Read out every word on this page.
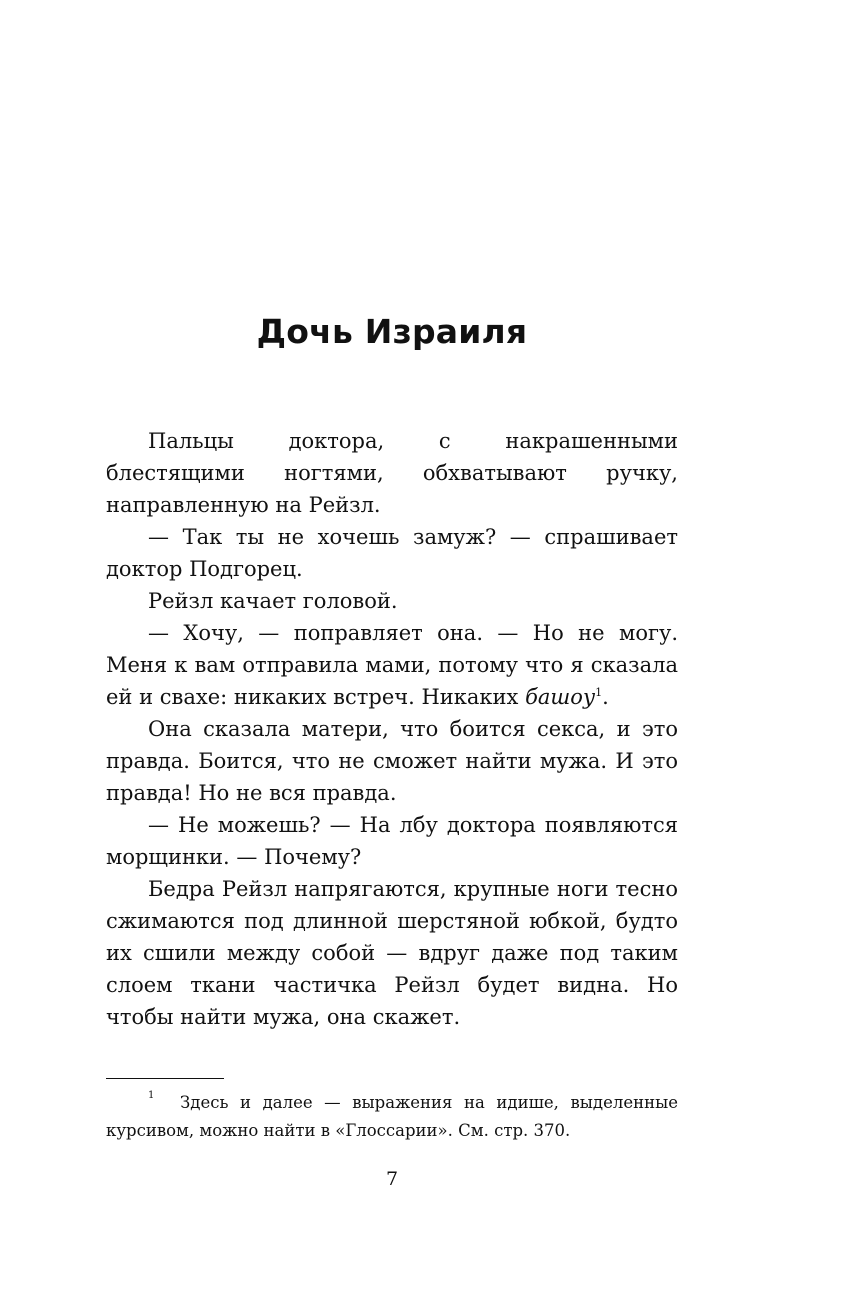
Дочь Израиля

Пальцы доктора, с накрашенными блестящими ногтями, обхватывают ручку, направленную на Рейзл.

— Так ты не хочешь замуж? — спрашивает доктор Подгорец.

Рейзл качает головой.

— Хочу, — поправляет она. — Но не могу. Меня к вам отправила мами, потому что я сказала ей и свахе: никаких встреч. Никаких башоу$^1$.

Она сказала матери, что боится секса, и это правда. Боится, что не сможет найти мужа. И это правда! Но не вся правда.

— Не можешь? — На лбу доктора появляются морщинки. — Почему?

Бедра Рейзл напрягаются, крупные ноги тесно сжимаются под длинной шерстяной юбкой, будто их сшили между собой — вдруг даже под таким слоем ткани частичка Рейзл будет видна. Но чтобы найти мужа, она скажет.

1 Здесь и далее — выражения на идише, выделенные курсивом, можно найти в «Глоссарии». См. стр. 370.
7
